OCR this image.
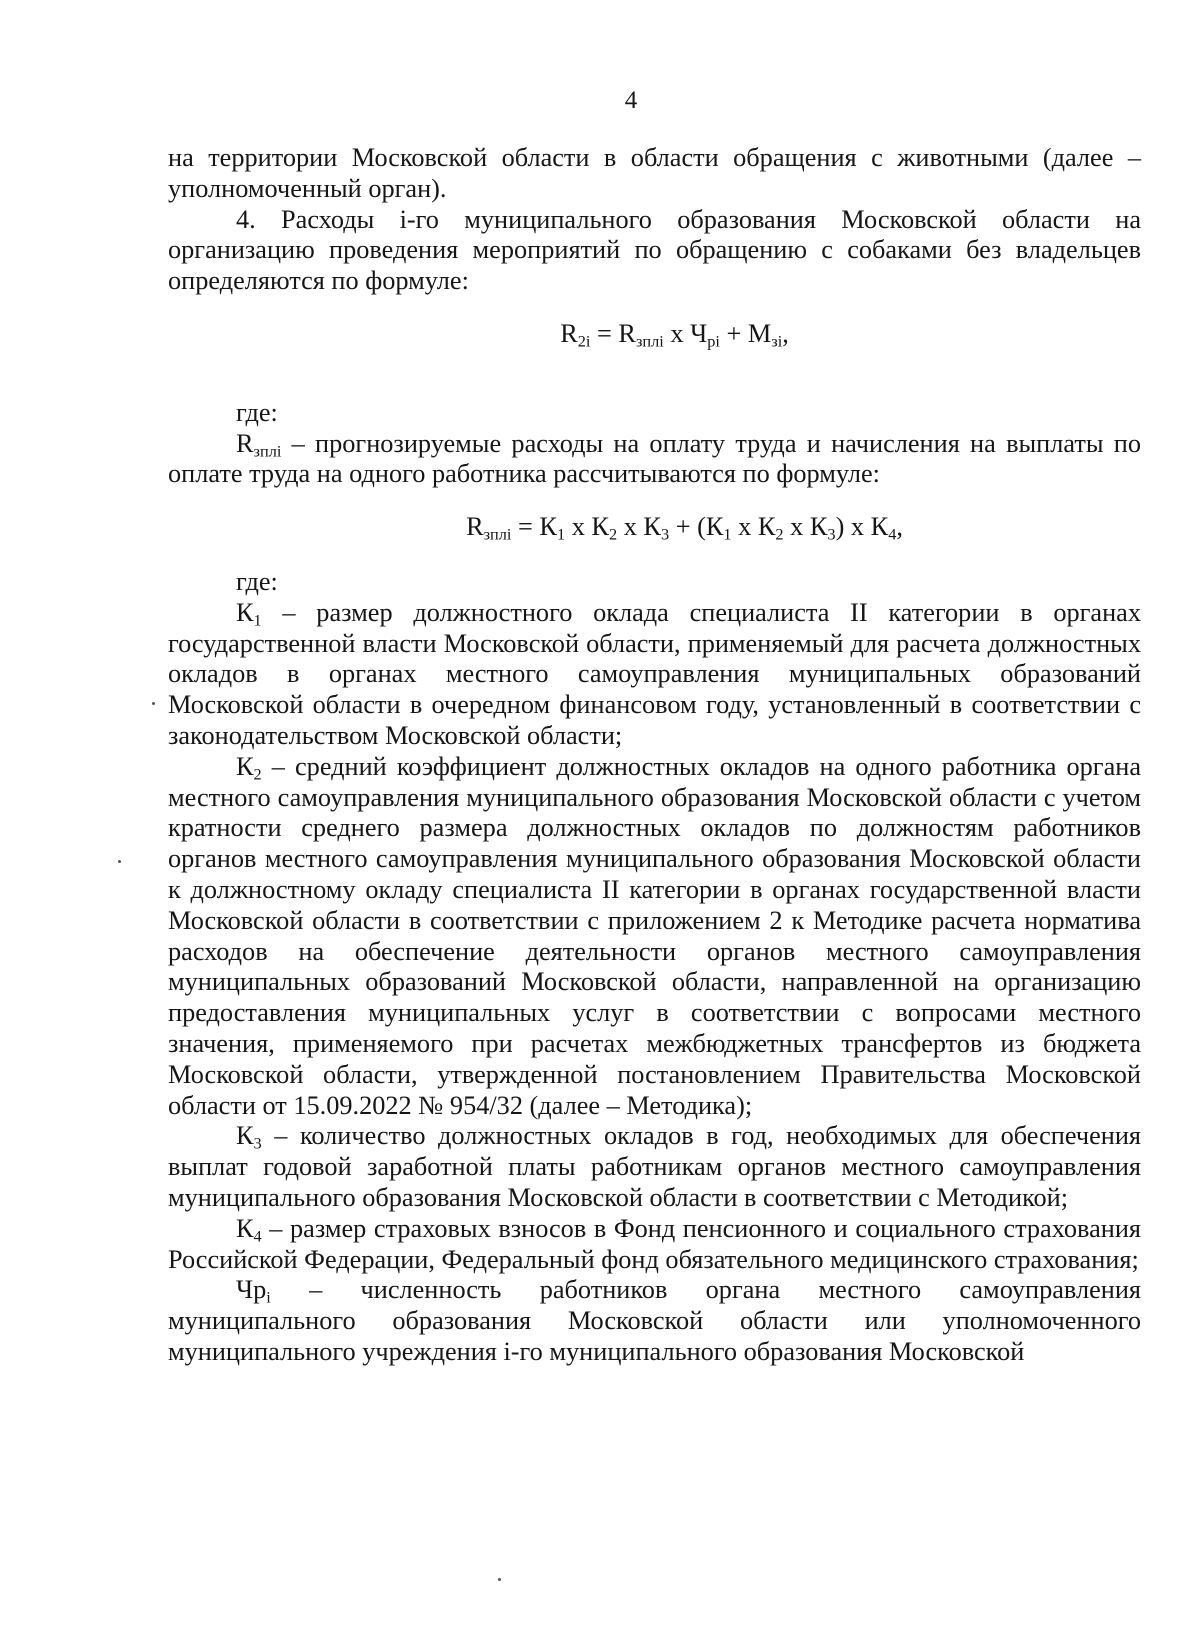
4

на территории Московской области в области обращения с животными (далее – уполномоченный орган).

4. Расходы i-го муниципального образования Московской области на организацию проведения мероприятий по обращению с собаками без владельцев определяются по формуле:

$R_{2i} = R_{зплi}$ х $Ч_{рi} + М_{зi}$,

где:

$R_{зплi}$ – прогнозируемые расходы на оплату труда и начисления на выплаты по оплате труда на одного работника рассчитываются по формуле:

$R_{зплi} = К_1$ х $К_2$ х $К_3 + (К_1$ х $К_2$ х $К_3$) х $К_4$,

где:

$К_1$ – размер должностного оклада специалиста II категории в органах государственной власти Московской области, применяемый для расчета должностных окладов в органах местного самоуправления муниципальных образований Московской области в очередном финансовом году, установленный в соответствии с законодательством Московской области;

$К_2$ – средний коэффициент должностных окладов на одного работника органа местного самоуправления муниципального образования Московской области с учетом кратности среднего размера должностных окладов по должностям работников органов местного самоуправления муниципального образования Московской области к должностному окладу специалиста II категории в органах государственной власти Московской области в соответствии с приложением 2 к Методике расчета норматива расходов на обеспечение деятельности органов местного самоуправления муниципальных образований Московской области, направленной на организацию предоставления муниципальных услуг в соответствии с вопросами местного значения, применяемого при расчетах межбюджетных трансфертов из бюджета Московской области, утвержденной постановлением Правительства Московской области от 15.09.2022 № 954/32 (далее – Методика);

$К_3$ – количество должностных окладов в год, необходимых для обеспечения выплат годовой заработной платы работникам органов местного самоуправления муниципального образования Московской области в соответствии с Методикой;

$К_4$ – размер страховых взносов в Фонд пенсионного и социального страхования Российской Федерации, Федеральный фонд обязательного медицинского страхования;

$Чр_i$ – численность работников органа местного самоуправления муниципального образования Московской области или уполномоченного муниципального учреждения i-го муниципального образования Московской
